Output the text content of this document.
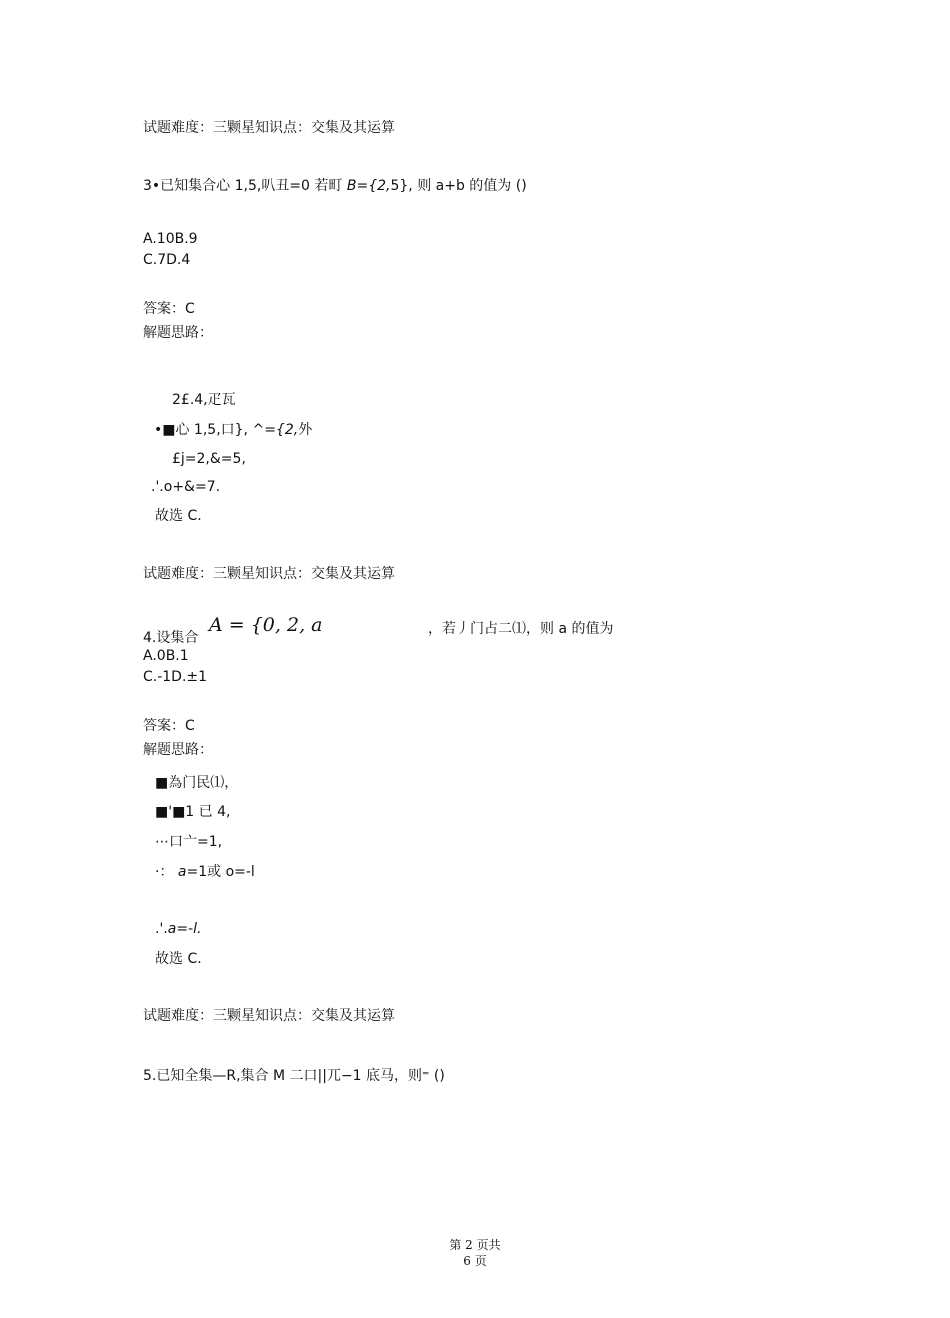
试题难度：三颗星知识点：交集及其运算
3•已知集合心 1,5,叭丑=0 若町 B={2,5}, 则 a+b 的值为 ()
A.10B.9
C.7D.4
答案：C
解题思路：
2£.4,疋瓦
•■心 1,5,口}, ^={2,外
£j=2,&=5,
.'.o+&=7.
故选 C.
试题难度：三颗星知识点：交集及其运算
A = {0, 2, a
4.设集合
，若丿门占二⑴，则 a 的值为
A.0B.1
C.-1D.±1
答案：C
解题思路：
■為门民⑴，
■'■1 已 4,
⋯口亠=1,
·： a=1或 o=-l
.'.a=-l.
故选 C.
试题难度：三颗星知识点：交集及其运算
5.已知全集—R,集合 M 二口||兀−1 底马，则⁼ ()
第 2 页共
6 页
